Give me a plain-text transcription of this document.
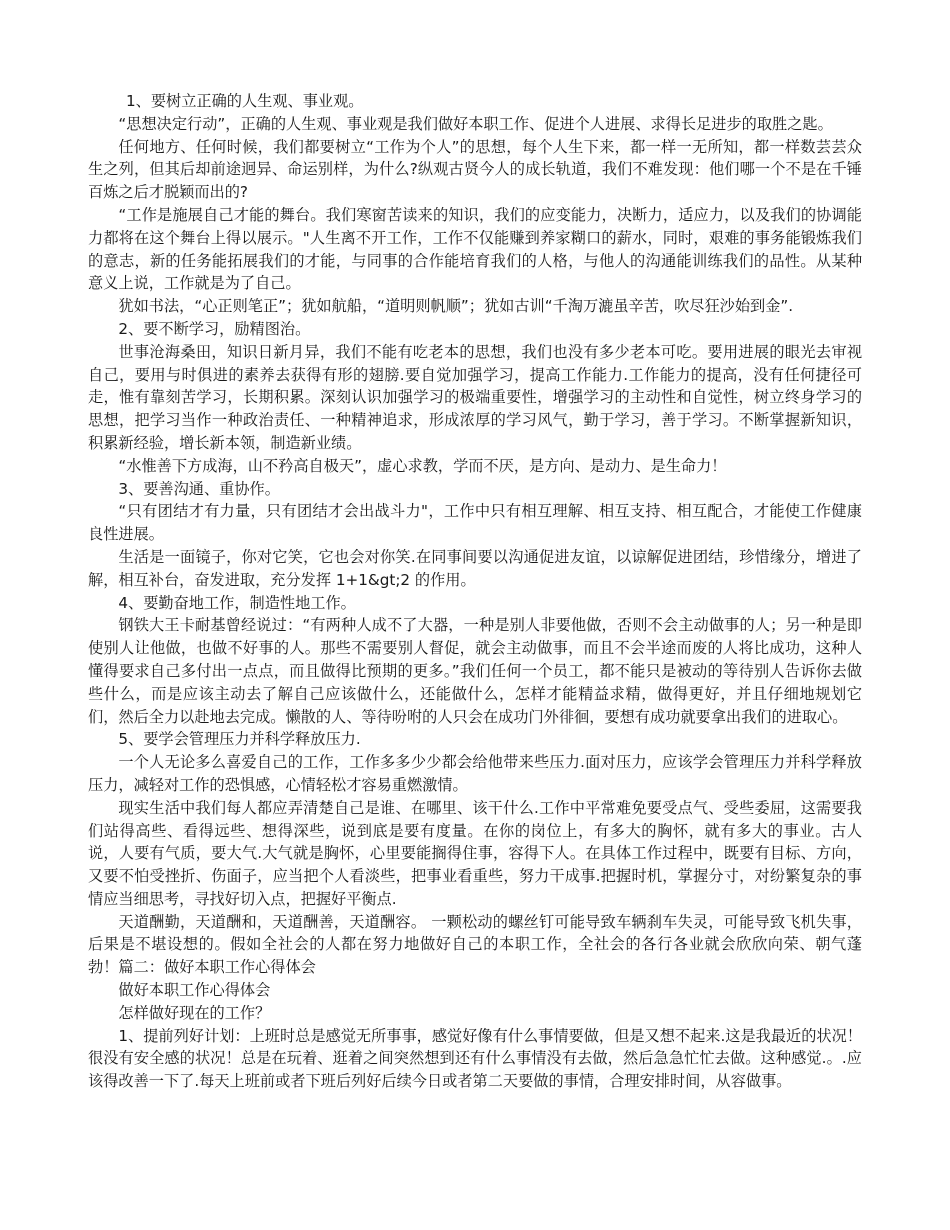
1、要树立正确的人生观、事业观。

“思想决定行动”，正确的人生观、事业观是我们做好本职工作、促进个人进展、求得长足进步的取胜之匙。

任何地方、任何时候，我们都要树立“工作为个人”的思想，每个人生下来，都一样一无所知，都一样数芸芸众生之列，但其后却前途迥异、命运别样，为什么?纵观古贤今人的成长轨道，我们不难发现：他们哪一个不是在千锤百炼之后才脱颖而出的?

“工作是施展自己才能的舞台。我们寒窗苦读来的知识，我们的应变能力，决断力，适应力，以及我们的协调能力都将在这个舞台上得以展示。"人生离不开工作，工作不仅能赚到养家糊口的薪水，同时，艰难的事务能锻炼我们的意志，新的任务能拓展我们的才能，与同事的合作能培育我们的人格，与他人的沟通能训练我们的品性。从某种意义上说，工作就是为了自己。

犹如书法，“心正则笔正”；犹如航船，“道明则帆顺”；犹如古训“千淘万漉虽辛苦，吹尽狂沙始到金”.

2、要不断学习，励精图治。

世事沧海桑田，知识日新月异，我们不能有吃老本的思想，我们也没有多少老本可吃。要用进展的眼光去审视自己，要用与时俱进的素养去获得有形的翅膀.要自觉加强学习，提高工作能力.工作能力的提高，没有任何捷径可走，惟有靠刻苦学习，长期积累。深刻认识加强学习的极端重要性，增强学习的主动性和自觉性，树立终身学习的思想，把学习当作一种政治责任、一种精神追求，形成浓厚的学习风气，勤于学习，善于学习。不断掌握新知识，积累新经验，增长新本领，制造新业绩。

“水惟善下方成海，山不矜高自极天”，虚心求教，学而不厌，是方向、是动力、是生命力！

3、要善沟通、重协作。

“只有团结才有力量，只有团结才会出战斗力"，工作中只有相互理解、相互支持、相互配合，才能使工作健康良性进展。

生活是一面镜子，你对它笑，它也会对你笑.在同事间要以沟通促进友谊，以谅解促进团结，珍惜缘分，增进了解，相互补台，奋发进取，充分发挥 1+1&gt;2 的作用。

4、要勤奋地工作，制造性地工作。

钢铁大王卡耐基曾经说过：“有两种人成不了大器，一种是别人非要他做，否则不会主动做事的人；另一种是即使别人让他做，也做不好事的人。那些不需要别人督促，就会主动做事，而且不会半途而废的人将比成功，这种人懂得要求自己多付出一点点，而且做得比预期的更多。”我们任何一个员工，都不能只是被动的等待别人告诉你去做些什么，而是应该主动去了解自己应该做什么，还能做什么，怎样才能精益求精，做得更好，并且仔细地规划它们，然后全力以赴地去完成。懒散的人、等待吩咐的人只会在成功门外徘徊，要想有成功就要拿出我们的进取心。

5、要学会管理压力并科学释放压力.

一个人无论多么喜爱自己的工作，工作多多少少都会给他带来些压力.面对压力，应该学会管理压力并科学释放压力，减轻对工作的恐惧感，心情轻松才容易重燃激情。

现实生活中我们每人都应弄清楚自己是谁、在哪里、该干什么.工作中平常难免要受点气、受些委屈，这需要我们站得高些、看得远些、想得深些，说到底是要有度量。在你的岗位上，有多大的胸怀，就有多大的事业。古人说，人要有气质，要大气.大气就是胸怀，心里要能搁得住事，容得下人。在具体工作过程中，既要有目标、方向，又要不怕受挫折、伤面子，应当把个人看淡些，把事业看重些，努力干成事.把握时机，掌握分寸，对纷繁复杂的事情应当细思考，寻找好切入点，把握好平衡点.

天道酬勤，天道酬和，天道酬善，天道酬容。 一颗松动的螺丝钉可能导致车辆刹车失灵，可能导致飞机失事，后果是不堪设想的。假如全社会的人都在努力地做好自己的本职工作，全社会的各行各业就会欣欣向荣、朝气蓬勃！篇二：做好本职工作心得体会

做好本职工作心得体会

怎样做好现在的工作？

1、提前列好计划：上班时总是感觉无所事事，感觉好像有什么事情要做，但是又想不起来.这是我最近的状况！很没有安全感的状况！总是在玩着、逛着之间突然想到还有什么事情没有去做，然后急急忙忙去做。这种感觉.。.应该得改善一下了.每天上班前或者下班后列好后续今日或者第二天要做的事情，合理安排时间，从容做事。
